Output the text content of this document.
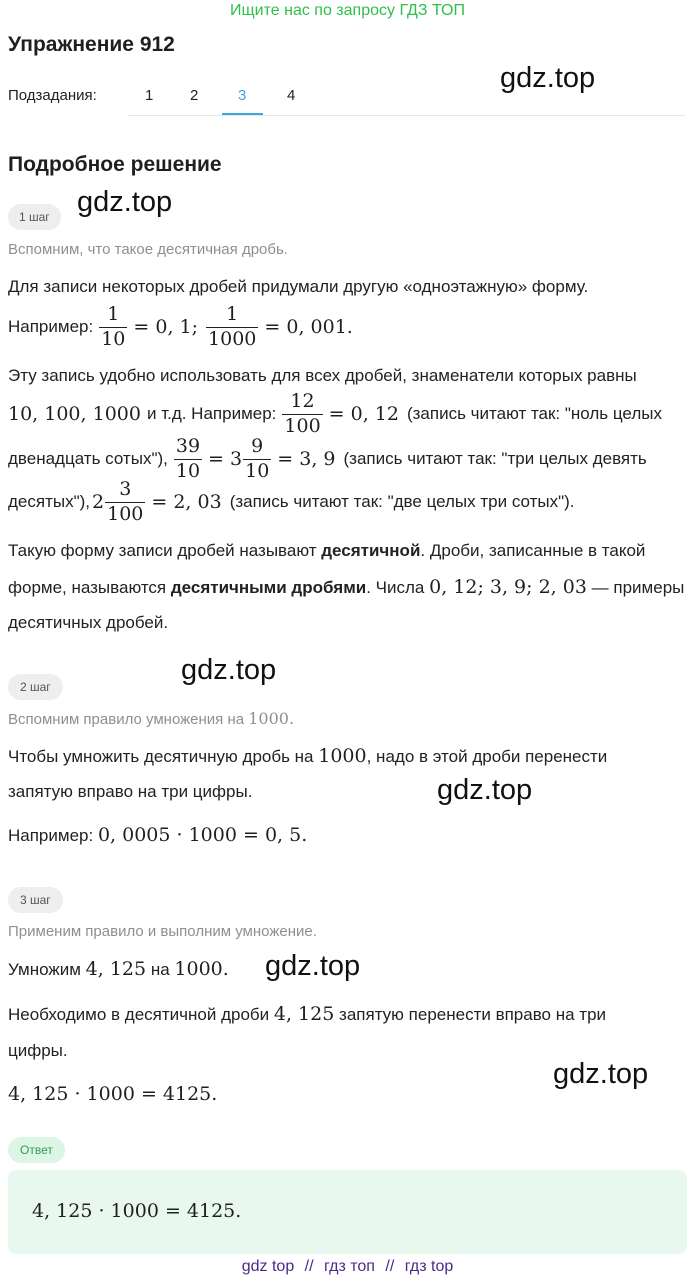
Ищите нас по запросу ГДЗ ТОП
Упражнение 912
Подзадания:	1 2	3	4
gdz.top
gdz.top
gdz.top
gdz.top
gdz.top
gdz.top
Подробное решение
1 шаг
Вспомним, что такое десятичная дробь.
Для записи некоторых дробей придумали другую «одноэтажную» форму.
Например: $\frac{1}{10} = 0$, 1; $\frac{1}{1000} = 0$, 001.
Эту запись удобно использовать для всех дробей, знаменатели которых равны
10, 100, 1000 и т.д. Например: $\frac{12}{100} = 0$, 12 (запись читают так: "ноль целых
двенадцать сотых"), $\frac{39}{10} = 3 \frac{9}{10} = 3$, 9 (запись читают так: "три целых девять
десятых"), $2 \frac{3}{100} = 2$, 03 (запись читают так: "две целых три сотых").
Такую форму записи дробей называют десятичной. Дроби, записанные в такой
форме, называются десятичными дробями. Числа 0, 12; 3, 9; 2, 03 — примеры
десятичных дробей.
2 шаг
Вспомним правило умножения на 1000.
Чтобы умножить десятичную дробь на 1000, надо в этой дроби перенести
запятую вправо на три цифры.
Например: 0, 0005 · 1000 = 0, 5.
3 шаг
Применим правило и выполним умножение.
Умножим 4, 125 на 1000.
Необходимо в десятичной дроби 4, 125 запятую перенести вправо на три
цифры.
4, 125 · 1000 = 4125.
Ответ
4, 125 · 1000 = 4125.
gdz top // гдз топ // гдз top
